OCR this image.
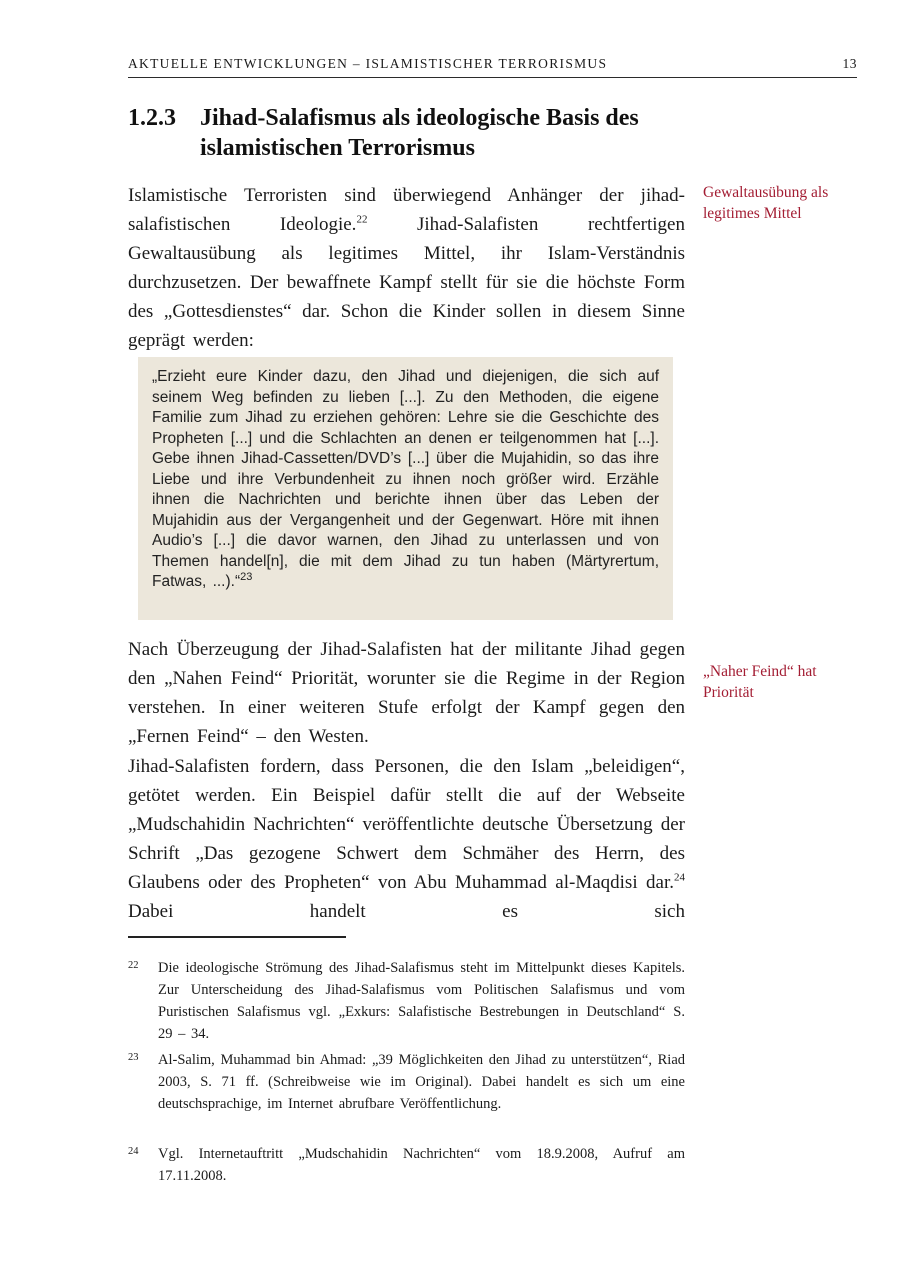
AKTUELLE ENTWICKLUNGEN – ISLAMISTISCHER TERRORISMUS	13
1.2.3	Jihad-Salafismus als ideologische Basis des islamistischen Terrorismus

Islamistische Terroristen sind überwiegend Anhänger der jihad-salafistischen Ideologie.$^{22}$ Jihad-Salafisten rechtfertigen Gewaltausübung als legitimes Mittel, ihr Islam-Verständnis durchzusetzen. Der bewaffnete Kampf stellt für sie die höchste Form des „Gottesdienstes“ dar. Schon die Kinder sollen in diesem Sinne geprägt werden:

„Erzieht eure Kinder dazu, den Jihad und diejenigen, die sich auf seinem Weg befinden zu lieben [...]. Zu den Methoden, die eigene Familie zum Jihad zu erziehen gehören: Lehre sie die Geschichte des Propheten [...] und die Schlachten an denen er teilgenommen hat [...]. Gebe ihnen Jihad-Cassetten/DVD’s [...] über die Mujahidin, so das ihre Liebe und ihre Verbundenheit zu ihnen noch größer wird. Erzähle ihnen die Nachrichten und berichte ihnen über das Leben der Mujahidin aus der Vergangenheit und der Gegenwart. Höre mit ihnen Audio’s [...] die davor warnen, den Jihad zu unterlassen und von Themen handel[n], die mit dem Jihad zu tun haben (Märtyrertum, Fatwas, ...).“$^{23}$

Nach Überzeugung der Jihad-Salafisten hat der militante Jihad gegen den „Nahen Feind“ Priorität, worunter sie die Regime in der Region verstehen. In einer weiteren Stufe erfolgt der Kampf gegen den „Fernen Feind“ – den Westen.

Jihad-Salafisten fordern, dass Personen, die den Islam „beleidigen“, getötet werden. Ein Beispiel dafür stellt die auf der Webseite „Mudschahidin Nachrichten“ veröffentlichte deutsche Übersetzung der Schrift „Das gezogene Schwert dem Schmäher des Herrn, des Glaubens oder des Propheten“ von Abu Muhammad al-Maqdisi dar.$^{24}$ Dabei handelt es sich

Gewaltausübung als legitimes Mittel
„Naher Feind“ hat Priorität
22	Die ideologische Strömung des Jihad-Salafismus steht im Mittelpunkt dieses Kapitels. Zur Unterscheidung des Jihad-Salafismus vom Politischen Salafismus und vom Puristischen Salafismus vgl. „Exkurs: Salafistische Bestrebungen in Deutschland“ S. 29 – 34.
23	Al-Salim, Muhammad bin Ahmad: „39 Möglichkeiten den Jihad zu unterstützen“, Riad 2003, S. 71 ff. (Schreibweise wie im Original). Dabei handelt es sich um eine deutschsprachige, im Internet abrufbare Veröffentlichung.
24	Vgl. Internetauftritt „Mudschahidin Nachrichten“ vom 18.9.2008, Aufruf am 17.11.2008.
